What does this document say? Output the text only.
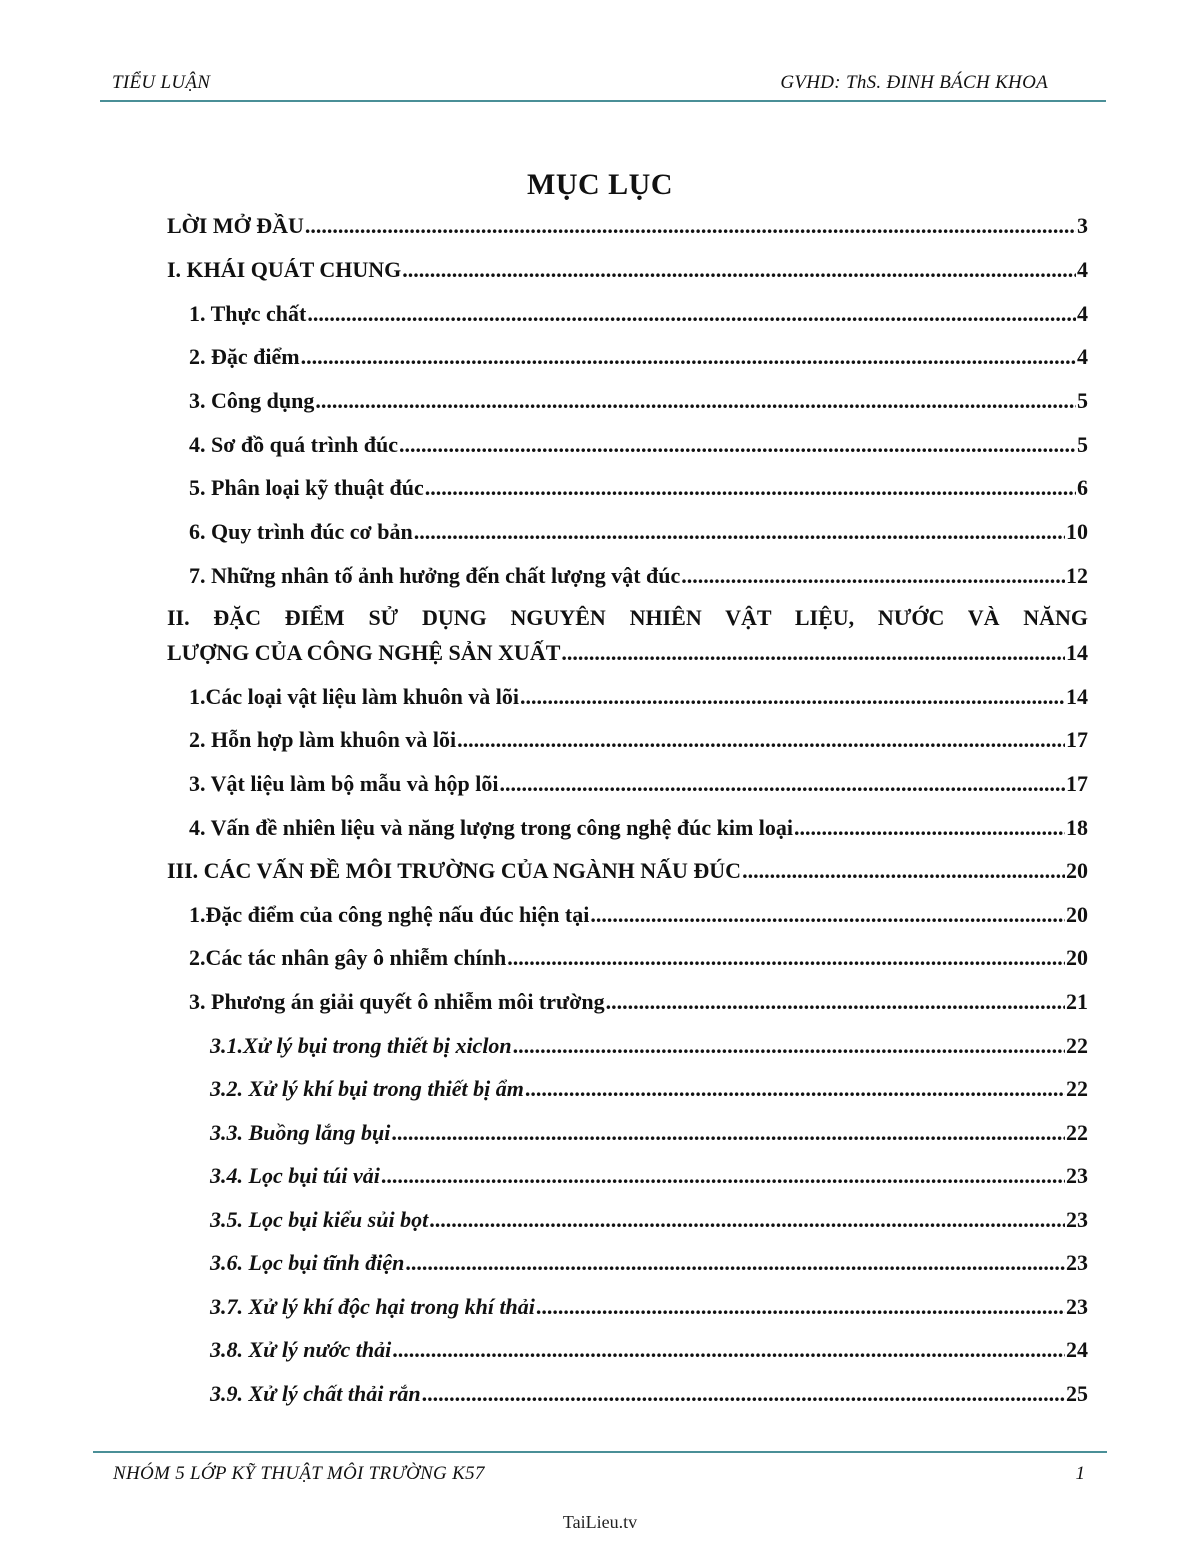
TIỂU LUẬN	GVHD: ThS. ĐINH BÁCH KHOA
MỤC LỤC
LỜI MỞ ĐẦU .....	3
I. KHÁI QUÁT CHUNG .....	4
1. Thực chất .....	4
2. Đặc điểm .....	4
3. Công dụng .....	5
4. Sơ đồ quá trình đúc .....	5
5. Phân loại kỹ thuật đúc .....	6
6. Quy trình đúc cơ bản .....	10
7. Những nhân tố ảnh hưởng đến chất lượng vật đúc .....	12
II. ĐẶC ĐIỂM SỬ DỤNG NGUYÊN NHIÊN VẬT LIỆU, NƯỚC VÀ NĂNG
LƯỢNG CỦA CÔNG NGHỆ SẢN XUẤT .....	14
1.Các loại vật liệu làm khuôn và lõi .....	14
2. Hỗn hợp làm khuôn và lõi .....	17
3. Vật liệu làm bộ mẫu và hộp lõi .....	17
4. Vấn đề nhiên liệu và năng lượng trong công nghệ đúc kim loại .....	18
III. CÁC VẤN ĐỀ MÔI TRƯỜNG CỦA NGÀNH NẤU ĐÚC .....	20
1.Đặc điểm của công nghệ nấu đúc hiện tại .....	20
2.Các tác nhân gây ô nhiễm chính .....	20
3. Phương án giải quyết ô nhiễm môi trường .....	21
3.1.Xử lý bụi trong thiết bị xiclon .....	22
3.2. Xử lý khí bụi trong thiết bị ẩm .....	22
3.3. Buồng lắng bụi .....	22
3.4. Lọc bụi túi vải .....	23
3.5. Lọc bụi kiểu sủi bọt .....	23
3.6. Lọc bụi tĩnh điện .....	23
3.7. Xử lý khí độc hại trong khí thải .....	23
3.8. Xử lý nước thải .....	24
3.9. Xử lý chất thải rắn .....	25
NHÓM 5 LỚP KỸ THUẬT MÔI TRƯỜNG K57	1
TaiLieu.tv
